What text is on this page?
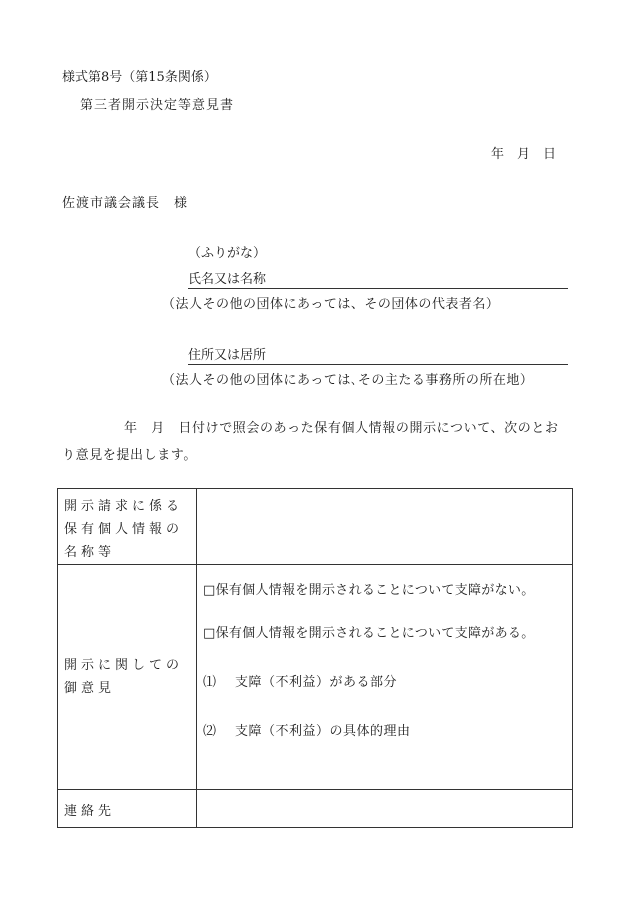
様式第8号（第15条関係）
第三者開示決定等意見書
年　月　日
佐渡市議会議長　様
（ふりがな）
氏名又は名称
（法人その他の団体にあっては、その団体の代表者名）
住所又は居所
（法人その他の団体にあっては､その主たる事務所の所在地）
年　月　日付けで照会のあった保有個人情報の開示について、次のとおり意見を提出します。
開示請求に係る保有個人情報の名称等	
開示に関しての御意見	□保有個人情報を開示されることについて支障がない。
□保有個人情報を開示されることについて支障がある。
⑴ 支障（不利益）がある部分
⑵ 支障（不利益）の具体的理由

連絡先	
